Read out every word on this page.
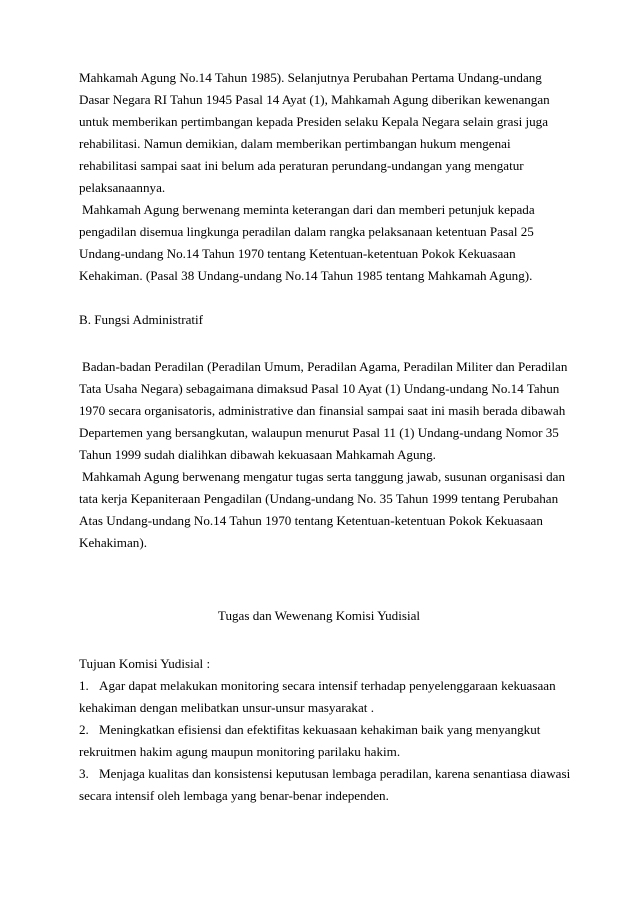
Mahkamah Agung No.14 Tahun 1985). Selanjutnya Perubahan Pertama Undang-undang
Dasar Negara RI Tahun 1945 Pasal 14 Ayat (1), Mahkamah Agung diberikan kewenangan
untuk memberikan pertimbangan kepada Presiden selaku Kepala Negara selain grasi juga
rehabilitasi. Namun demikian, dalam memberikan pertimbangan hukum mengenai
rehabilitasi sampai saat ini belum ada peraturan perundang-undangan yang mengatur
pelaksanaannya.
Mahkamah Agung berwenang meminta keterangan dari dan memberi petunjuk kepada
pengadilan disemua lingkunga peradilan dalam rangka pelaksanaan ketentuan Pasal 25
Undang-undang No.14 Tahun 1970 tentang Ketentuan-ketentuan Pokok Kekuasaan
Kehakiman. (Pasal 38 Undang-undang No.14 Tahun 1985 tentang Mahkamah Agung).
B. Fungsi Administratif
Badan-badan Peradilan (Peradilan Umum, Peradilan Agama, Peradilan Militer dan Peradilan
Tata Usaha Negara) sebagaimana dimaksud Pasal 10 Ayat (1) Undang-undang No.14 Tahun
1970 secara organisatoris, administrative dan finansial sampai saat ini masih berada dibawah
Departemen yang bersangkutan, walaupun menurut Pasal 11 (1) Undang-undang Nomor 35
Tahun 1999 sudah dialihkan dibawah kekuasaan Mahkamah Agung.
Mahkamah Agung berwenang mengatur tugas serta tanggung jawab, susunan organisasi dan
tata kerja Kepaniteraan Pengadilan (Undang-undang No. 35 Tahun 1999 tentang Perubahan
Atas Undang-undang No.14 Tahun 1970 tentang Ketentuan-ketentuan Pokok Kekuasaan
Kehakiman).
Tugas dan Wewenang Komisi Yudisial
Tujuan Komisi Yudisial :
1. Agar dapat melakukan monitoring secara intensif terhadap penyelenggaraan kekuasaan
kehakiman dengan melibatkan unsur-unsur masyarakat .
2. Meningkatkan efisiensi dan efektifitas kekuasaan kehakiman baik yang menyangkut
rekruitmen hakim agung maupun monitoring parilaku hakim.
3. Menjaga kualitas dan konsistensi keputusan lembaga peradilan, karena senantiasa diawasi
secara intensif oleh lembaga yang benar-benar independen.
